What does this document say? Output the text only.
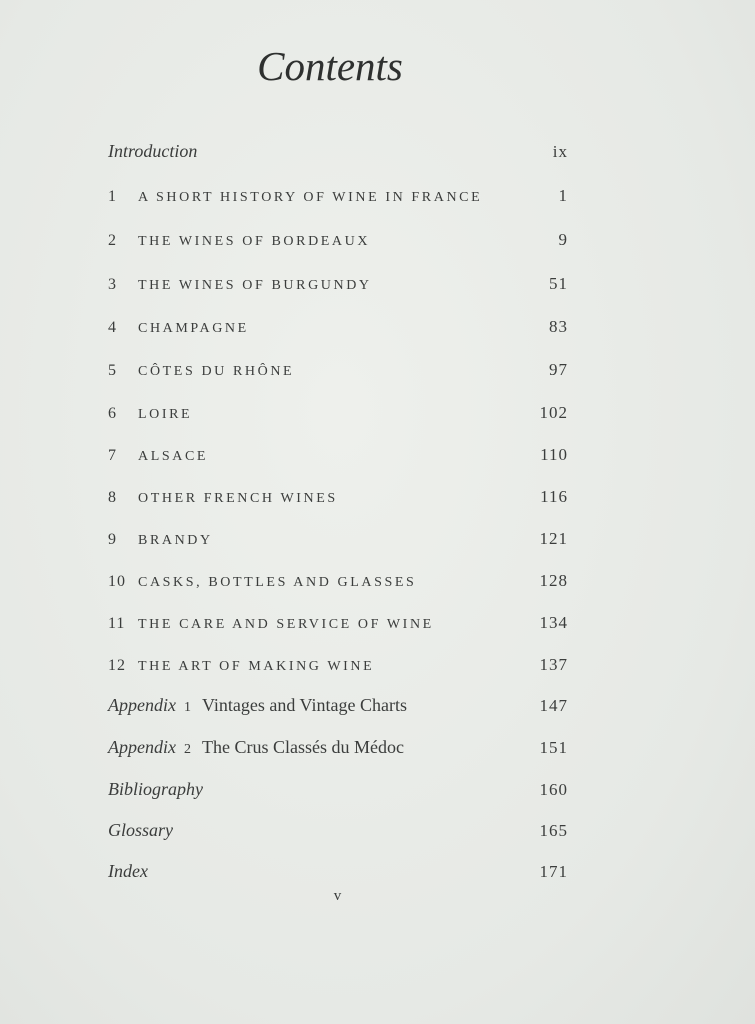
Contents
Introduction	ix
1 A SHORT HISTORY OF WINE IN FRANCE	1
2 THE WINES OF BORDEAUX	9
3 THE WINES OF BURGUNDY	51
4 CHAMPAGNE	83
5 CÔTES DU RHÔNE	97
6 LOIRE	102
7 ALSACE	110
8 OTHER FRENCH WINES	116
9 BRANDY	121
10 CASKS, BOTTLES AND GLASSES	128
11 THE CARE AND SERVICE OF WINE	134
12 THE ART OF MAKING WINE	137
Appendix 1 Vintages and Vintage Charts	147
Appendix 2 The Crus Classés du Médoc	151
Bibliography	160
Glossary	165
Index	171
v
